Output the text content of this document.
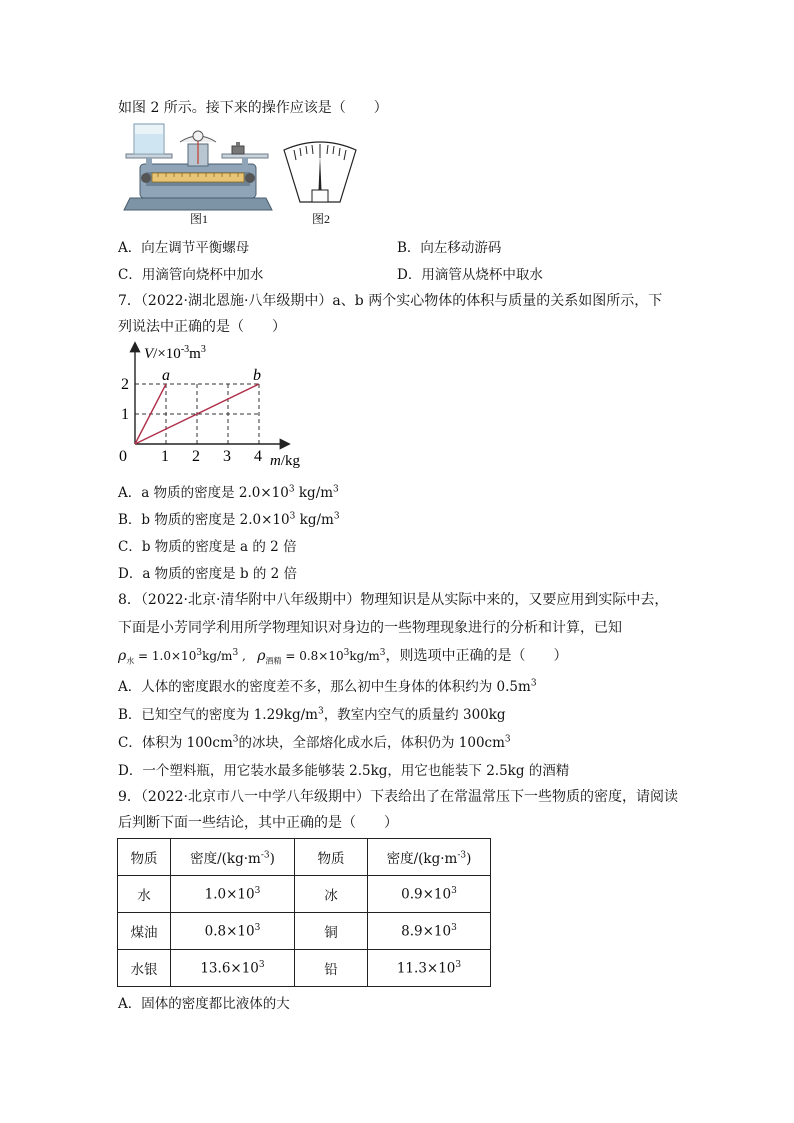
如图 2 所示。接下来的操作应该是（　　）
图1	图2
A．向左调节平衡螺母	B．向左移动游码
C．用滴管向烧杯中加水	D．用滴管从烧杯中取水
7．（2022·湖北恩施·八年级期中）a、b 两个实心物体的体积与质量的关系如图所示，下
列说法中正确的是（　　）
0 1 2 3 4
1
2
a	b
$V/\times 10^{-3}m^3$
m/kg
A．a 物质的密度是 $2.0\times 10^3$ $kg/m^3$
B．b 物质的密度是 $2.0\times 10^3$ $kg/m^3$
C．b 物质的密度是 a 的 2 倍
D．a 物质的密度是 b 的 2 倍
8．（2022·北京·清华附中八年级期中）物理知识是从实际中来的，又要应用到实际中去，
下面是小芳同学利用所学物理知识对身边的一些物理现象进行的分析和计算，已知
$\rho_水 = 1.0\times 10^3kg/m^3$ ,   $\rho_{酒精} = 0.8\times 10^3kg/m^3$，则选项中正确的是（　　）
A．人体的密度跟水的密度差不多，那么初中生身体的体积约为 $0.5m^3$
B．已知空气的密度为 $1.29kg/m^3$，教室内空气的质量约 300kg
C．体积为 $100cm^3$的冰块，全部熔化成水后，体积仍为 $100cm^3$
D．一个塑料瓶，用它装水最多能够装 2.5kg，用它也能装下 2.5kg 的酒精
9．（2022·北京市八一中学八年级期中）下表给出了在常温常压下一些物质的密度，请阅读
后判断下面一些结论，其中正确的是（　　）
物质	密度$/(kg\cdot m^{-3})$	物质	密度$/(kg\cdot m^{-3})$
水	$1.0\times 10^3$	冰	$0.9\times 10^3$
煤油	$0.8\times 10^3$	铜	$8.9\times 10^3$
水银	$13.6\times 10^3$	铅	$11.3\times 10^3$
A．固体的密度都比液体的大
